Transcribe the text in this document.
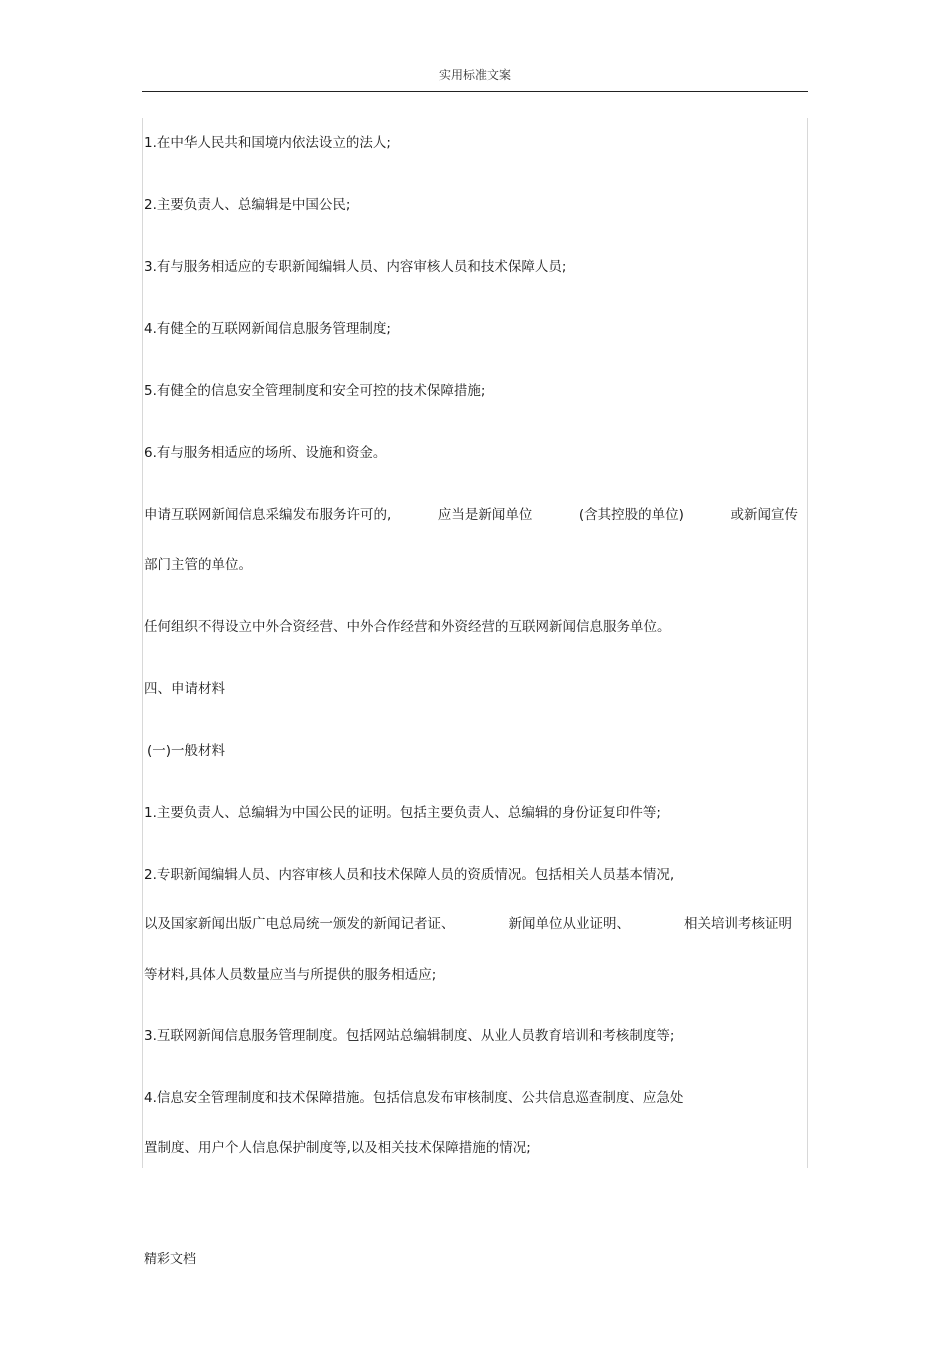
实用标准文案
1.在中华人民共和国境内依法设立的法人;
2.主要负责人、总编辑是中国公民;
3.有与服务相适应的专职新闻编辑人员、内容审核人员和技术保障人员;
4.有健全的互联网新闻信息服务管理制度;
5.有健全的信息安全管理制度和安全可控的技术保障措施;
6.有与服务相适应的场所、设施和资金。
申请互联网新闻信息采编发布服务许可的,	应当是新闻单位	(含其控股的单位)	或新闻宣传
部门主管的单位。
任何组织不得设立中外合资经营、中外合作经营和外资经营的互联网新闻信息服务单位。
四、申请材料
(一)一般材料
1.主要负责人、总编辑为中国公民的证明。包括主要负责人、总编辑的身份证复印件等;
2.专职新闻编辑人员、内容审核人员和技术保障人员的资质情况。包括相关人员基本情况,
以及国家新闻出版广电总局统一颁发的新闻记者证、	新闻单位从业证明、	相关培训考核证明
等材料,具体人员数量应当与所提供的服务相适应;
3.互联网新闻信息服务管理制度。包括网站总编辑制度、从业人员教育培训和考核制度等;
4.信息安全管理制度和技术保障措施。包括信息发布审核制度、公共信息巡查制度、应急处
置制度、用户个人信息保护制度等,以及相关技术保障措施的情况;
精彩文档
